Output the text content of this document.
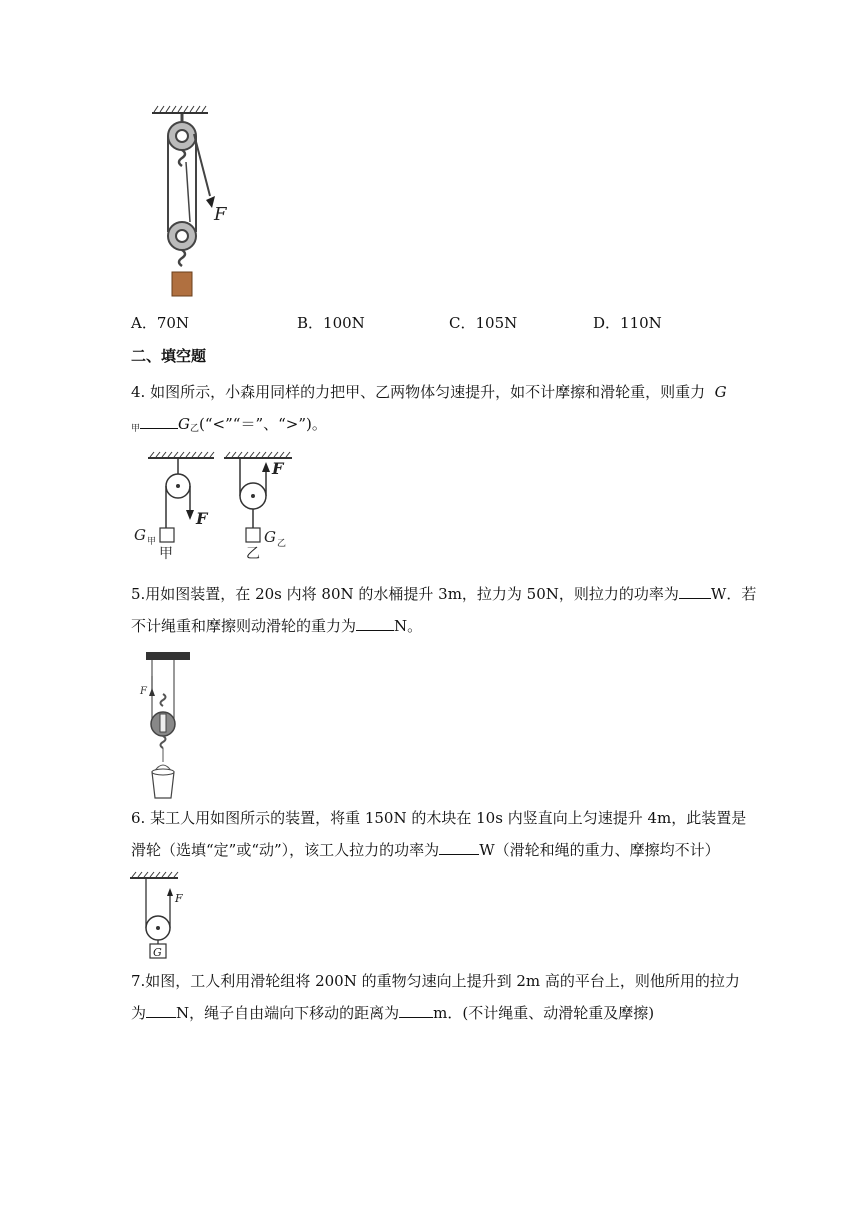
F
A．70N	B．100N	C．105N	D．110N
二、填空题
4. 如图所示，小森用同样的力把甲、乙两物体匀速提升，如不计摩擦和滑轮重，则重力 G
$_甲$	$G_乙(“<”“=$”、“>”)。
F
G 甲
甲
F
G 乙
乙
5.用如图装置，在 20s 内将 80N 的水桶提升 3m，拉力为 50N，则拉力的功率为 W．若
不计绳重和摩擦则动滑轮的重力为	N。
F
6. 某工人用如图所示的装置，将重 150N 的木块在 10s 内竖直向上匀速提升 4m，此装置是
滑轮（选填“定”或“动”），该工人拉力的功率为	W（滑轮和绳的重力、摩擦均不计）
F
G
7.如图，工人利用滑轮组将 200N 的重物匀速向上提升到 2m 高的平台上，则他所用的拉力
为 N，绳子自由端向下移动的距离为 m．(不计绳重、动滑轮重及摩擦)
